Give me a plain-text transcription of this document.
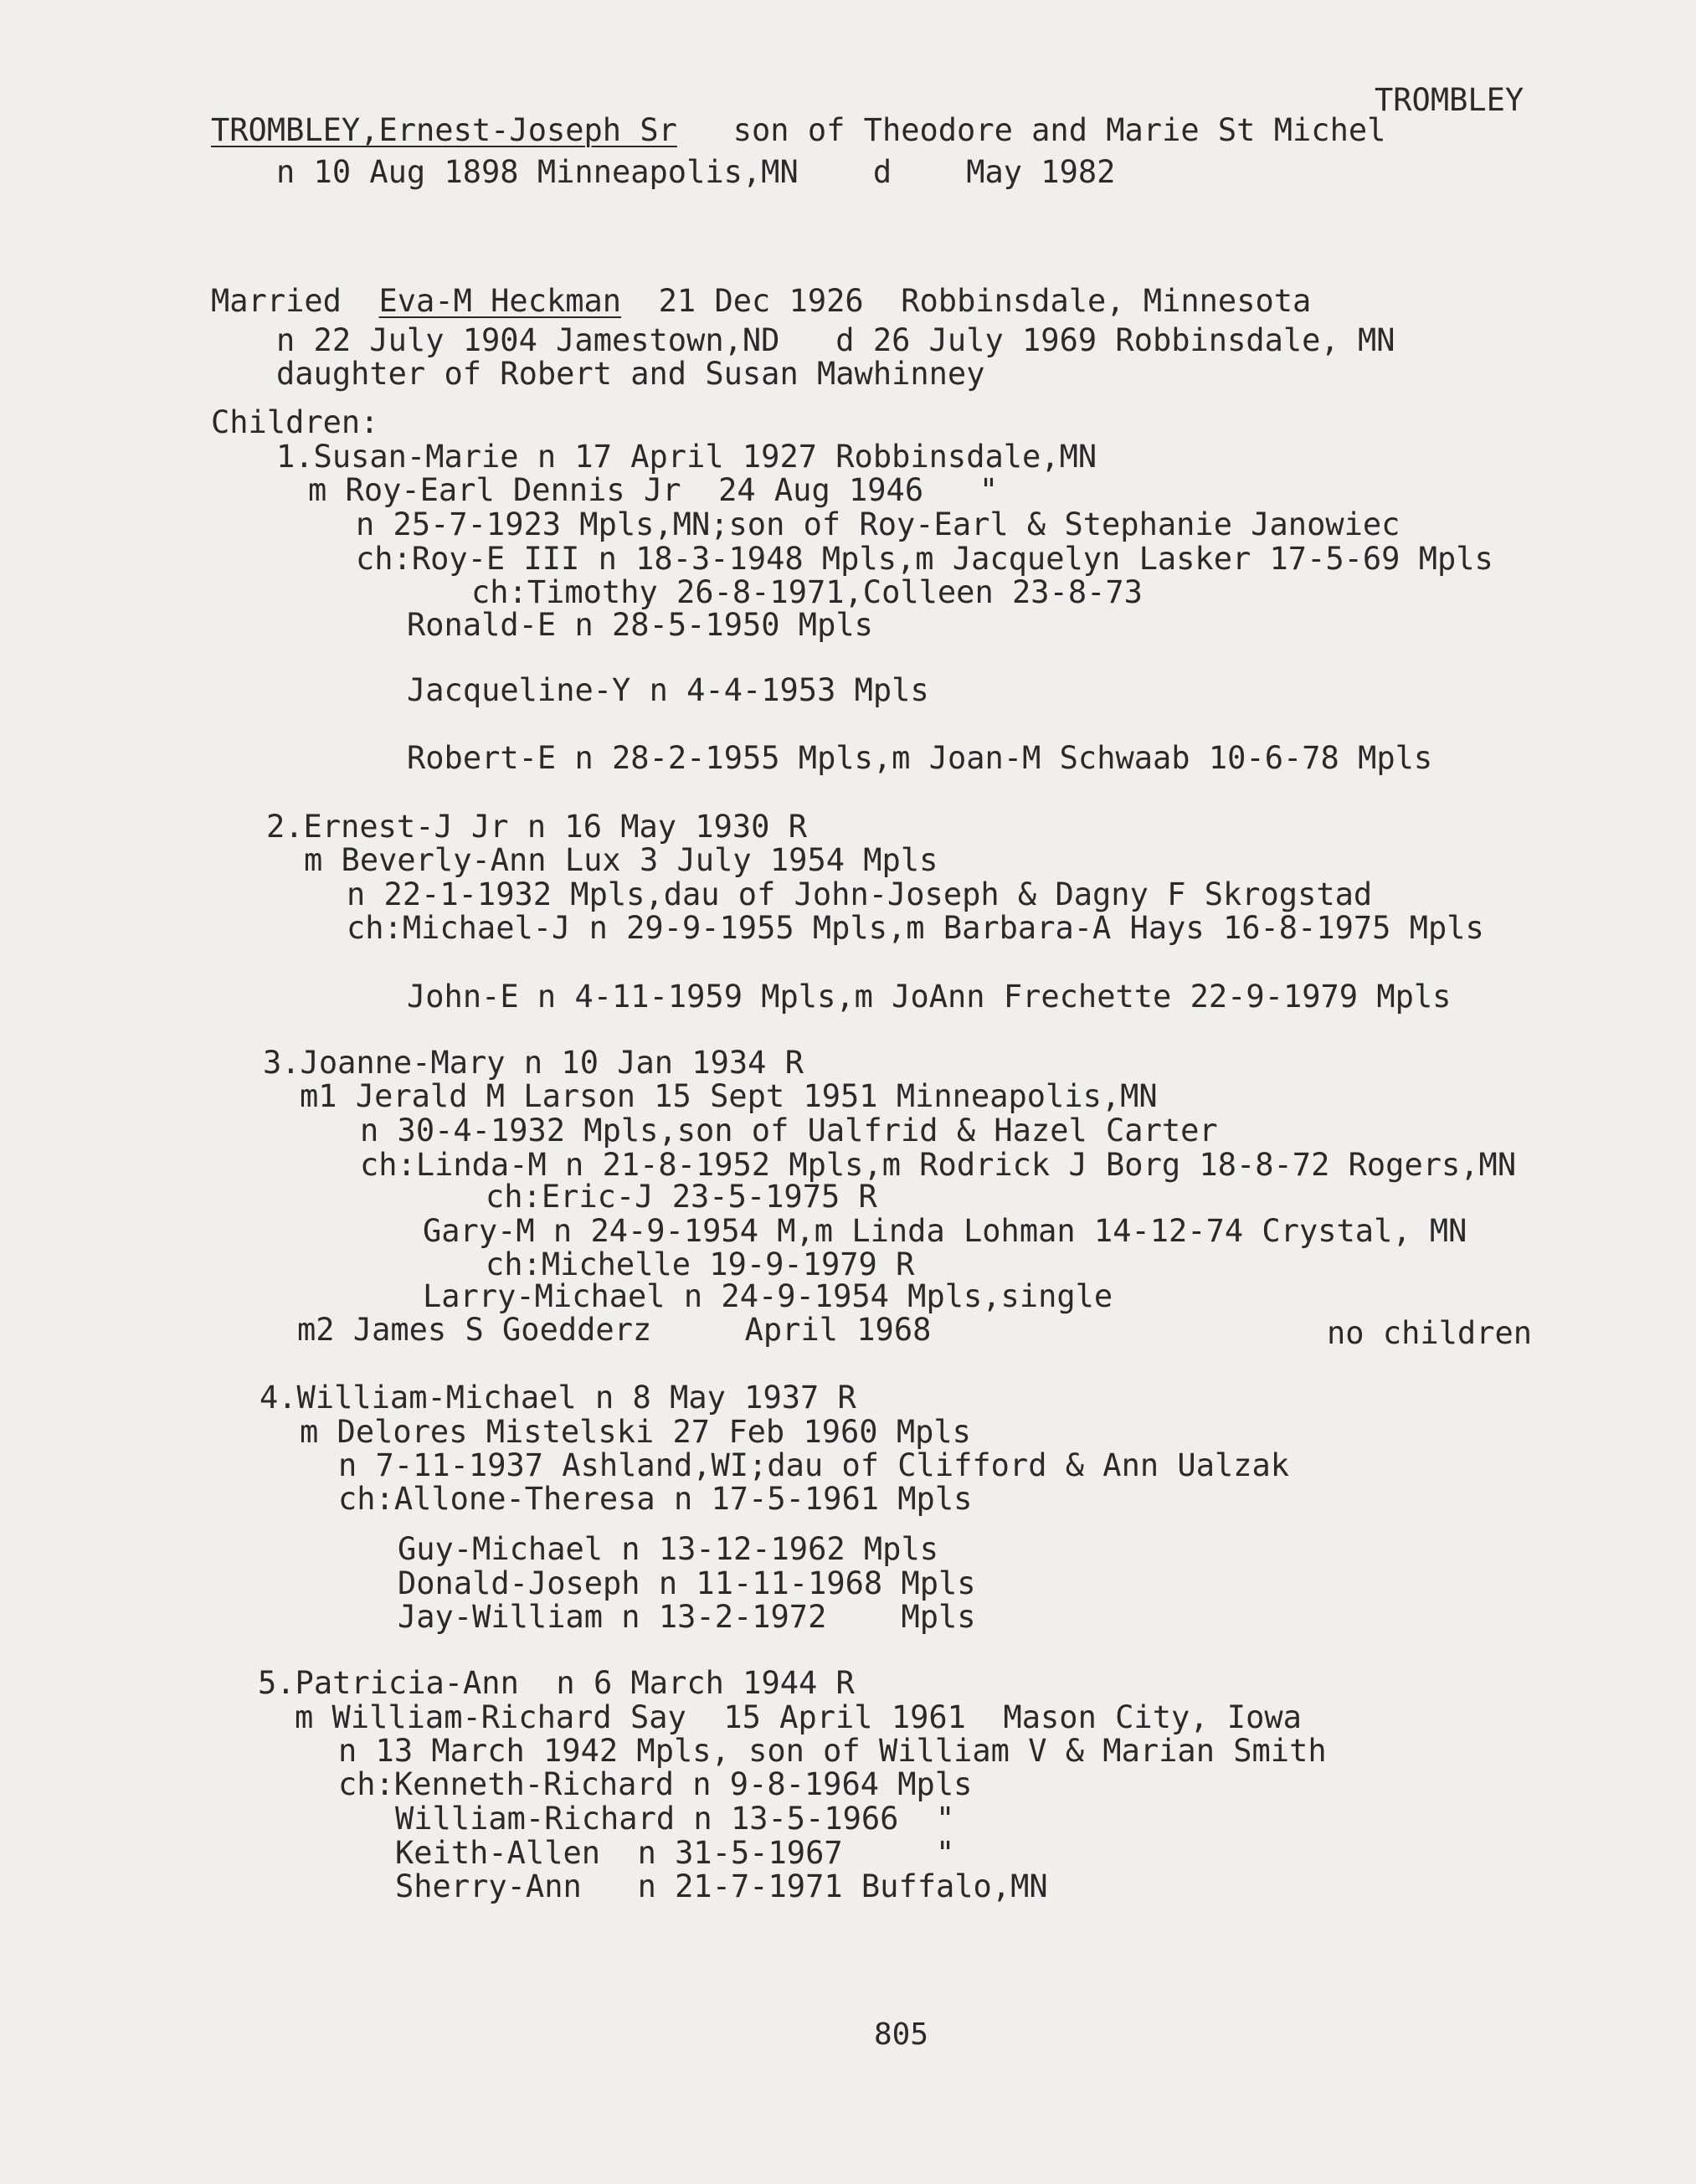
TROMBLEY
TROMBLEY,Ernest-Joseph Sr son of Theodore and Marie St Michel
n 10 Aug 1898 Minneapolis,MN    d    May 1982
Married Eva-M Heckman 21 Dec 1926  Robbinsdale, Minnesota
n 22 July 1904 Jamestown,ND   d 26 July 1969 Robbinsdale, MN
daughter of Robert and Susan Mawhinney
Children:
1.Susan-Marie n 17 April 1927 Robbinsdale,MN
m Roy-Earl Dennis Jr  24 Aug 1946   "
n 25-7-1923 Mpls,MN;son of Roy-Earl & Stephanie Janowiec
ch:Roy-E III n 18-3-1948 Mpls,m Jacquelyn Lasker 17-5-69 Mpls
ch:Timothy 26-8-1971,Colleen 23-8-73
Ronald-E n 28-5-1950 Mpls
Jacqueline-Y n 4-4-1953 Mpls
Robert-E n 28-2-1955 Mpls,m Joan-M Schwaab 10-6-78 Mpls
2.Ernest-J Jr n 16 May 1930 R
m Beverly-Ann Lux 3 July 1954 Mpls
n 22-1-1932 Mpls,dau of John-Joseph & Dagny F Skrogstad
ch:Michael-J n 29-9-1955 Mpls,m Barbara-A Hays 16-8-1975 Mpls
John-E n 4-11-1959 Mpls,m JoAnn Frechette 22-9-1979 Mpls
3.Joanne-Mary n 10 Jan 1934 R
m1 Jerald M Larson 15 Sept 1951 Minneapolis,MN
n 30-4-1932 Mpls,son of Ualfrid & Hazel Carter
ch:Linda-M n 21-8-1952 Mpls,m Rodrick J Borg 18-8-72 Rogers,MN
ch:Eric-J 23-5-1975 R
Gary-M n 24-9-1954 M,m Linda Lohman 14-12-74 Crystal, MN
ch:Michelle 19-9-1979 R
Larry-Michael n 24-9-1954 Mpls,single
m2 James S Goedderz     April 1968	no children
4.William-Michael n 8 May 1937 R
m Delores Mistelski 27 Feb 1960 Mpls
n 7-11-1937 Ashland,WI;dau of Clifford & Ann Ualzak
ch:Allone-Theresa n 17-5-1961 Mpls
Guy-Michael n 13-12-1962 Mpls
Donald-Joseph n 11-11-1968 Mpls
Jay-William n 13-2-1972    Mpls
5.Patricia-Ann  n 6 March 1944 R
m William-Richard Say  15 April 1961  Mason City, Iowa
n 13 March 1942 Mpls, son of William V & Marian Smith
ch:Kenneth-Richard n 9-8-1964 Mpls
William-Richard n 13-5-1966  "
Keith-Allen  n 31-5-1967     "
Sherry-Ann   n 21-7-1971 Buffalo,MN
805
